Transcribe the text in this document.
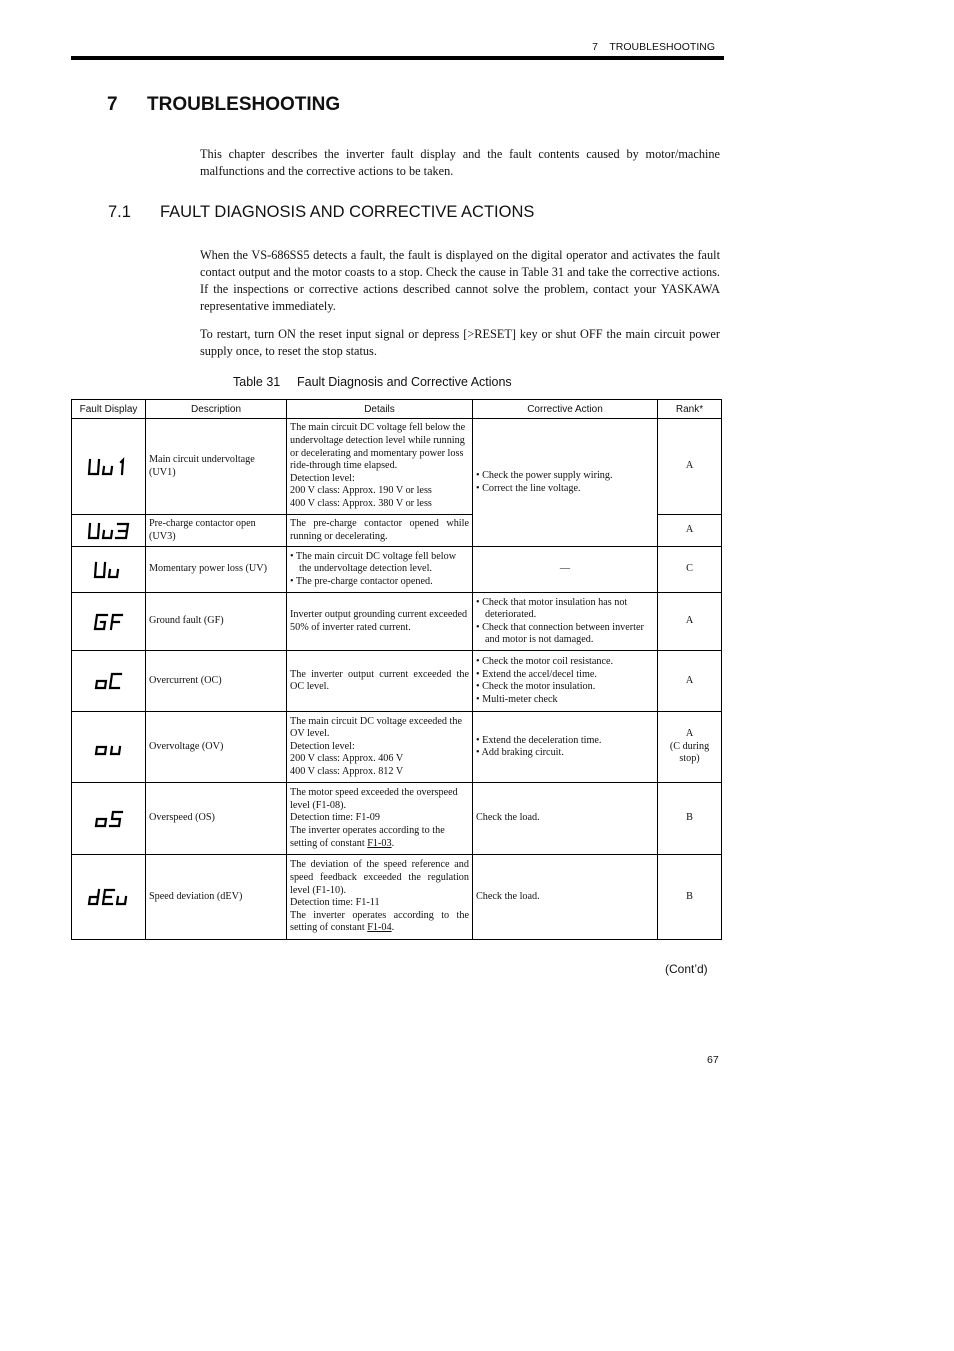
7    TROUBLESHOOTING
7 TROUBLESHOOTING

This chapter describes the inverter fault display and the fault contents caused by motor/machine malfunctions and the corrective actions to be taken.

7.1 FAULT DIAGNOSIS AND CORRECTIVE ACTIONS

When the VS-686SS5 detects a fault, the fault is displayed on the digital operator and activates the fault contact output and the motor coasts to a stop. Check the cause in Table 31 and take the corrective actions. If the inspections or corrective actions described cannot solve the problem, contact your YASKAWA representative immediately.

To restart, turn ON the reset input signal or depress [>RESET] key or shut OFF the main circuit power supply once, to reset the stop status.

Table 31 Fault Diagnosis and Corrective Actions
Fault Display	Description	Details	Corrective Action	Rank*

	Main circuit undervoltage (UV1)	The main circuit DC voltage fell below the undervoltage detection level while running or decelerating and momentary power loss ride-through time elapsed.
Detection level:
200 V class: Approx. 190 V or less
400 V class: Approx. 380 V or less	• Check the power supply wiring.
• Correct the line voltage.	A

	Pre-charge contactor open (UV3)	The pre-charge contactor opened while running or decelerating.		A

	Momentary power loss (UV)	• The main circuit DC voltage fell below the undervoltage detection level.
• The pre-charge contactor opened.	—	C

	Ground fault (GF)	Inverter output grounding current exceeded 50% of inverter rated current.	• Check that motor insulation has not deteriorated.
• Check that connection between inverter and motor is not damaged.	A

	Overcurrent (OC)	The inverter output current exceeded the OC level.	• Check the motor coil resistance.
• Extend the accel/decel time.
• Check the motor insulation.
• Multi-meter check	A

	Overvoltage (OV)	The main circuit DC voltage exceeded the OV level.
Detection level:
200 V class: Approx. 406 V
400 V class: Approx. 812 V	• Extend the deceleration time.
• Add braking circuit.	A
(C during stop)

	Overspeed (OS)	The motor speed exceeded the overspeed level (F1-08).
Detection time: F1-09
The inverter operates according to the setting of constant F1-03.	Check the load.	B

	Speed deviation (dEV)	The deviation of the speed reference and speed feedback exceeded the regulation level (F1-10).
Detection time: F1-11
The inverter operates according to the setting of constant F1-04.	Check the load.	B
(Cont’d)
67
